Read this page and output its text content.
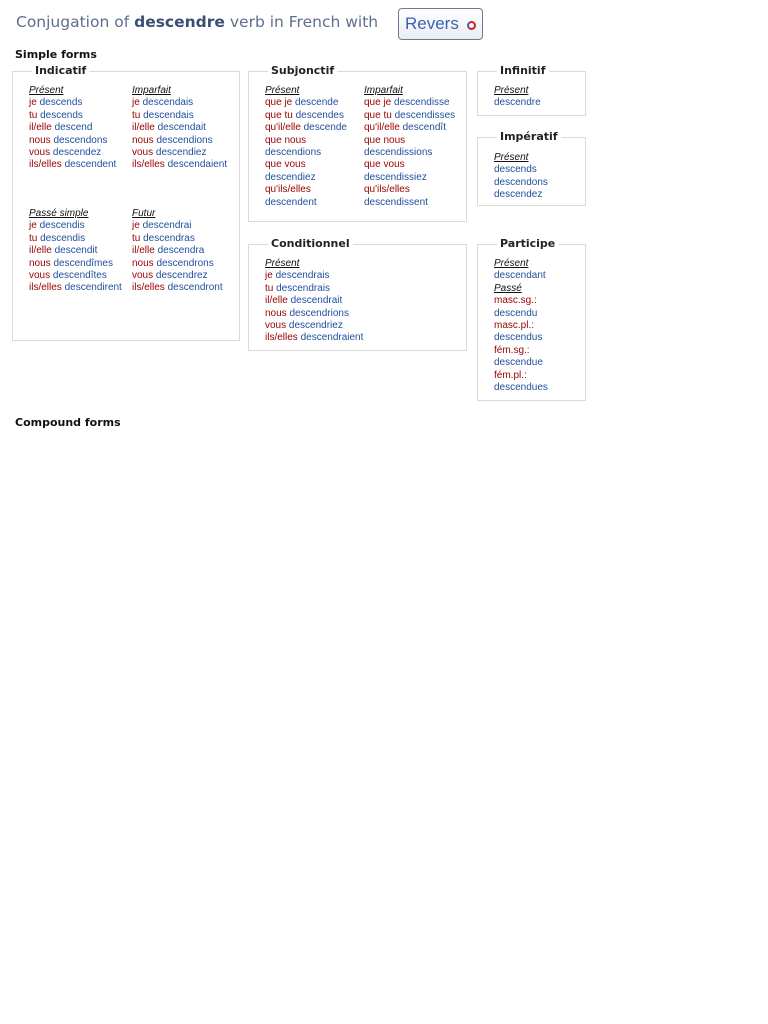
Conjugation of descendre verb in French with Revers
Simple forms
Indicatif
Présent
je descends
tu descends
il/elle descend
nous descendons
vous descendez
ils/elles descendent
Imparfait
je descendais
tu descendais
il/elle descendait
nous descendions
vous descendiez
ils/elles descendaient
Passé simple
je descendis
tu descendis
il/elle descendit
nous descendîmes
vous descendîtes
ils/elles descendirent
Futur
je descendrai
tu descendras
il/elle descendra
nous descendrons
vous descendrez
ils/elles descendront
Subjonctif
Présent
que je descende
que tu descendes
qu'il/elle descende
que nous
descendions
que vous
descendiez
qu'ils/elles
descendent
Imparfait
que je descendisse
que tu descendisses
qu'il/elle descendît
que nous
descendissions
que vous
descendissiez
qu'ils/elles
descendissent
Conditionnel
Présent
je descendrais
tu descendrais
il/elle descendrait
nous descendrions
vous descendriez
ils/elles descendraient
Infinitif
Présent
descendre
Impératif
Présent
descends
descendons
descendez
Participe
Présent
descendant
Passé
masc.sg.:
descendu
masc.pl.:
descendus
fém.sg.:
descendue
fém.pl.:
descendues
Compound forms
